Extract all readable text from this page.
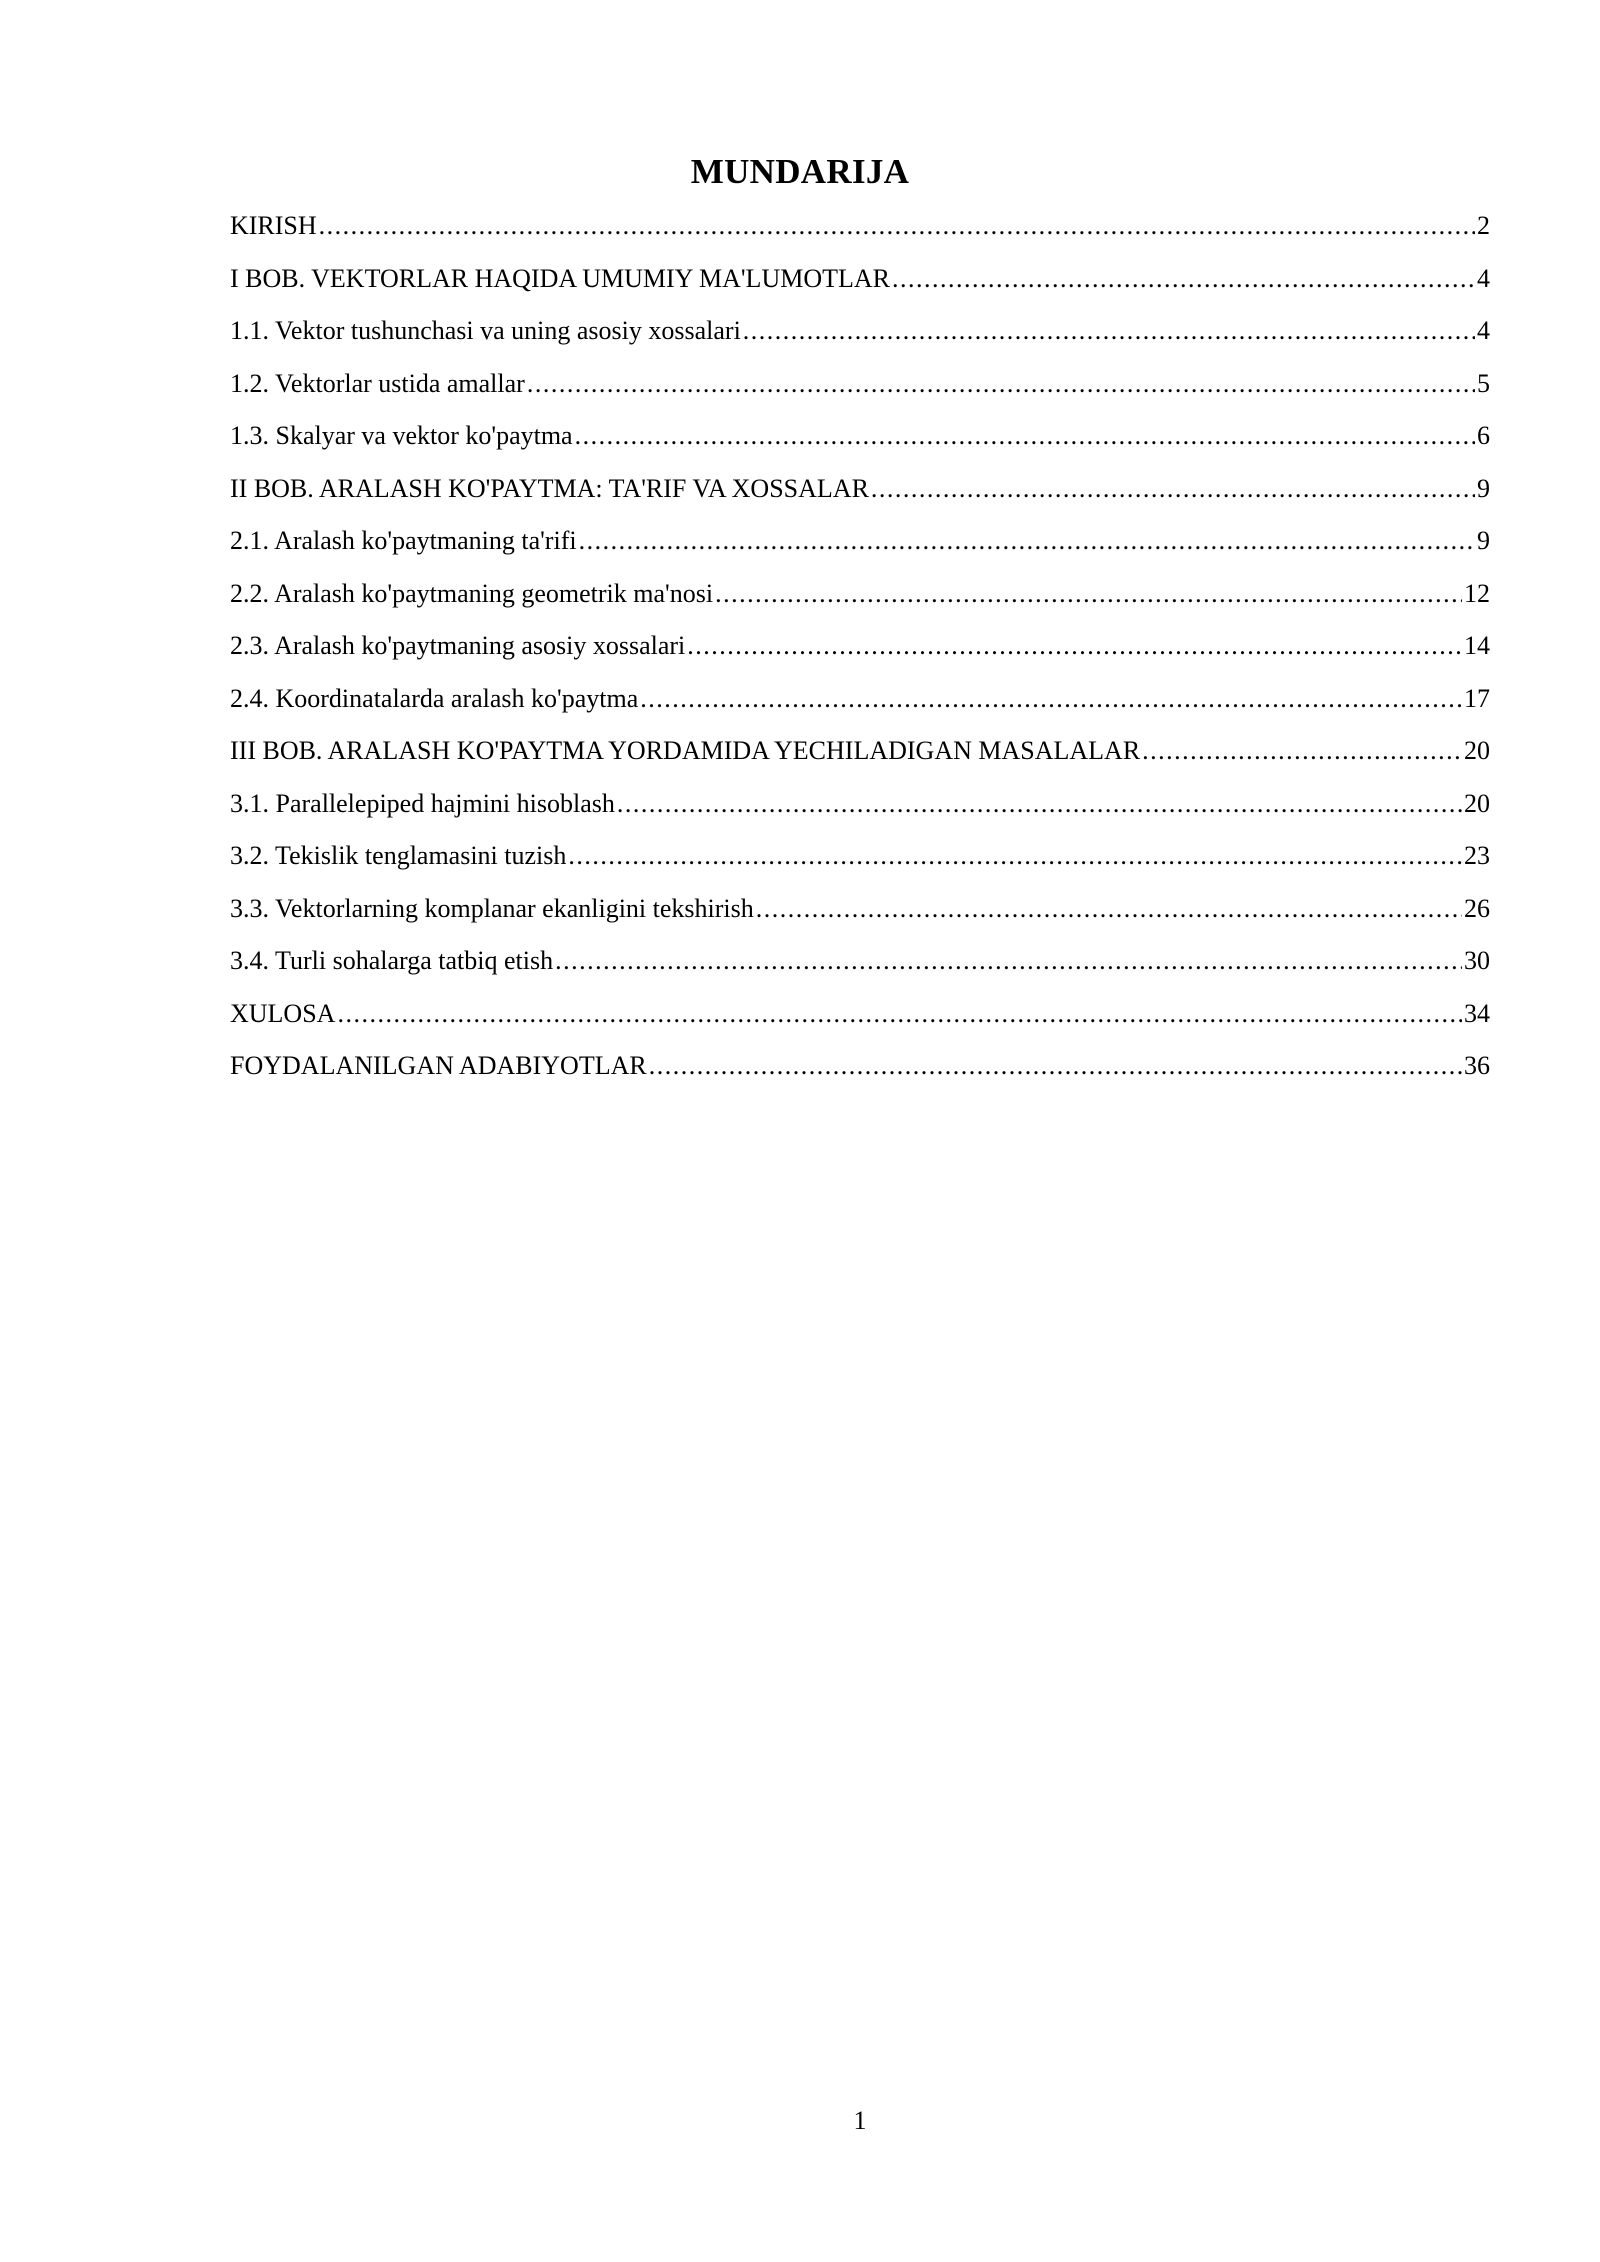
MUNDARIJA
KIRISH .....	2
I BOB. VEKTORLAR HAQIDA UMUMIY MA'LUMOTLAR .....	4
1.1. Vektor tushunchasi va uning asosiy xossalari .....	4
1.2. Vektorlar ustida amallar .....	5
1.3. Skalyar va vektor ko'paytma .....	6
II BOB. ARALASH KO'PAYTMA: TA'RIF VA XOSSALAR .....	9
2.1. Aralash ko'paytmaning ta'rifi .....	9
2.2. Aralash ko'paytmaning geometrik ma'nosi .....	12
2.3. Aralash ko'paytmaning asosiy xossalari .....	14
2.4. Koordinatalarda aralash ko'paytma .....	17
III BOB. ARALASH KO'PAYTMA YORDAMIDA YECHILADIGAN MASALALAR .....	20
3.1. Parallelepiped hajmini hisoblash .....	20
3.2. Tekislik tenglamasini tuzish .....	23
3.3. Vektorlarning komplanar ekanligini tekshirish .....	26
3.4. Turli sohalarga tatbiq etish .....	30
XULOSA .....	34
FOYDALANILGAN ADABIYOTLAR .....	36
1
